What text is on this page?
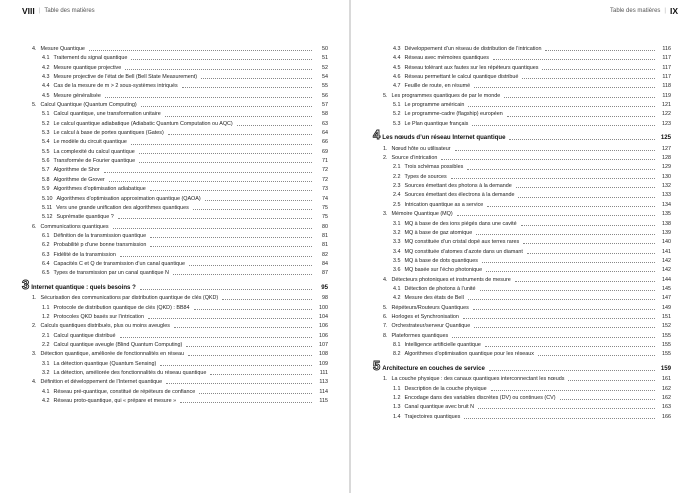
VIII | Table des matières
4. Mesure Quantique	50
4.1 Traitement du signal quantique	51
4.2 Mesure quantique projective	52
4.3 Mesure projective de l’état de Bell (Bell State Measurement)	54
4.4 Cas de la mesure de m > 2 sous-systèmes intriqués	55
4.5 Mesure généralisée	56
5. Calcul Quantique (Quantum Computing)	57
5.1 Calcul quantique, une transformation unitaire	58
5.2 Le calcul quantique adiabatique (Adiabatic Quantum Computation ou AQC)	63
5.3 Le calcul à base de portes quantiques (Gates)	64
5.4 Le modèle du circuit quantique	66
5.5 La complexité du calcul quantique	69
5.6 Transformée de Fourier quantique	71
5.7 Algorithme de Shor	72
5.8 Algorithme de Grover	72
5.9 Algorithmes d’optimisation adiabatique	73
5.10 Algorithmes d’optimisation approximation quantique (QAOA)	74
5.11 Vers une grande unification des algorithmes quantiques	75
5.12 Suprématie quantique ?	75
6. Communications quantiques	80
6.1 Définition de la transmission quantique	81
6.2 Probabilité p d’une bonne transmission	81
6.3 Fidélité de la transmission	82
6.4 Capacités C et Q de transmission d’un canal quantique	84
6.5 Types de transmission par un canal quantique N	87
3 Internet quantique : quels besoins ?	95
1. Sécurisation des communications par distribution quantique de clés (QKD)	98
1.1 Protocole de distribution quantique de clés (QKD) : BB84	100
1.2 Protocoles QKD basés sur l’intrication	104
2. Calculs quantiques distribués, plus ou moins aveugles	106
2.1 Calcul quantique distribué	106
2.2 Calcul quantique aveugle (Blind Quantum Computing)	107
3. Détection quantique, améliorée de fonctionnalités en réseau	108
3.1 La détection quantique (Quantum Sensing)	109
3.2 La détection, améliorée des fonctionnalités du réseau quantique	111
4. Définition et développement de l’Internet quantique	113
4.1 Réseau pré-quantique, constitué de répéteurs de confiance	114
4.2 Réseau proto-quantique, qui « prépare et mesure »	115
Table des matières | IX
4.3 Développement d’un réseau de distribution de l’intrication	116
4.4 Réseau avec mémoires quantiques	117
4.5 Réseau tolérant aux fautes sur les répéteurs quantiques	117
4.6 Réseau permettant le calcul quantique distribué	117
4.7 Feuille de route, en résumé	118
5. Les programmes quantiques de par le monde	119
5.1 Le programme américain	121
5.2 Le programme-cadre (flagship) européen	122
5.3 Le Plan quantique français	123
4 Les nœuds d’un réseau Internet quantique	125
1. Nœud hôte ou utilisateur	127
2. Source d’intrication	128
2.1 Trois schémas possibles	129
2.2 Types de sources	130
2.3 Sources émettant des photons à la demande	132
2.4 Sources émettant des électrons à la demande	133
2.5 Intrication quantique as a service	134
3. Mémoire Quantique (MQ)	135
3.1 MQ à base de des ions piégés dans une cavité	138
3.2 MQ à base de gaz atomique	139
3.3 MQ constituée d’un cristal dopé aux terres rares	140
3.4 MQ constituée d’atomes d’azote dans un diamant	141
3.5 MQ à base de dots quantiques	142
3.6 MQ basée sur l’écho photonique	142
4. Détecteurs photoniques et instruments de mesure	144
4.1 Détection de photons à l’unité	145
4.2 Mesure des états de Bell	147
5. Répéteurs/Routeurs Quantiques	149
6. Horloges et Synchronisation	151
7. Orchestrateur/serveur Quantique	152
8. Plateformes quantiques	155
8.1 Intelligence artificielle quantique	155
8.2 Algorithmes d’optimisation quantique pour les réseaux	155
5 Architecture en couches de service	159
1. La couche physique : des canaux quantiques interconnectant les nœuds	161
1.1 Description de la couche physique	162
1.2 Encodage dans des variables discrètes (DV) ou continues (CV)	162
1.3 Canal quantique avec bruit N	163
1.4 Trajectoires quantiques	166
